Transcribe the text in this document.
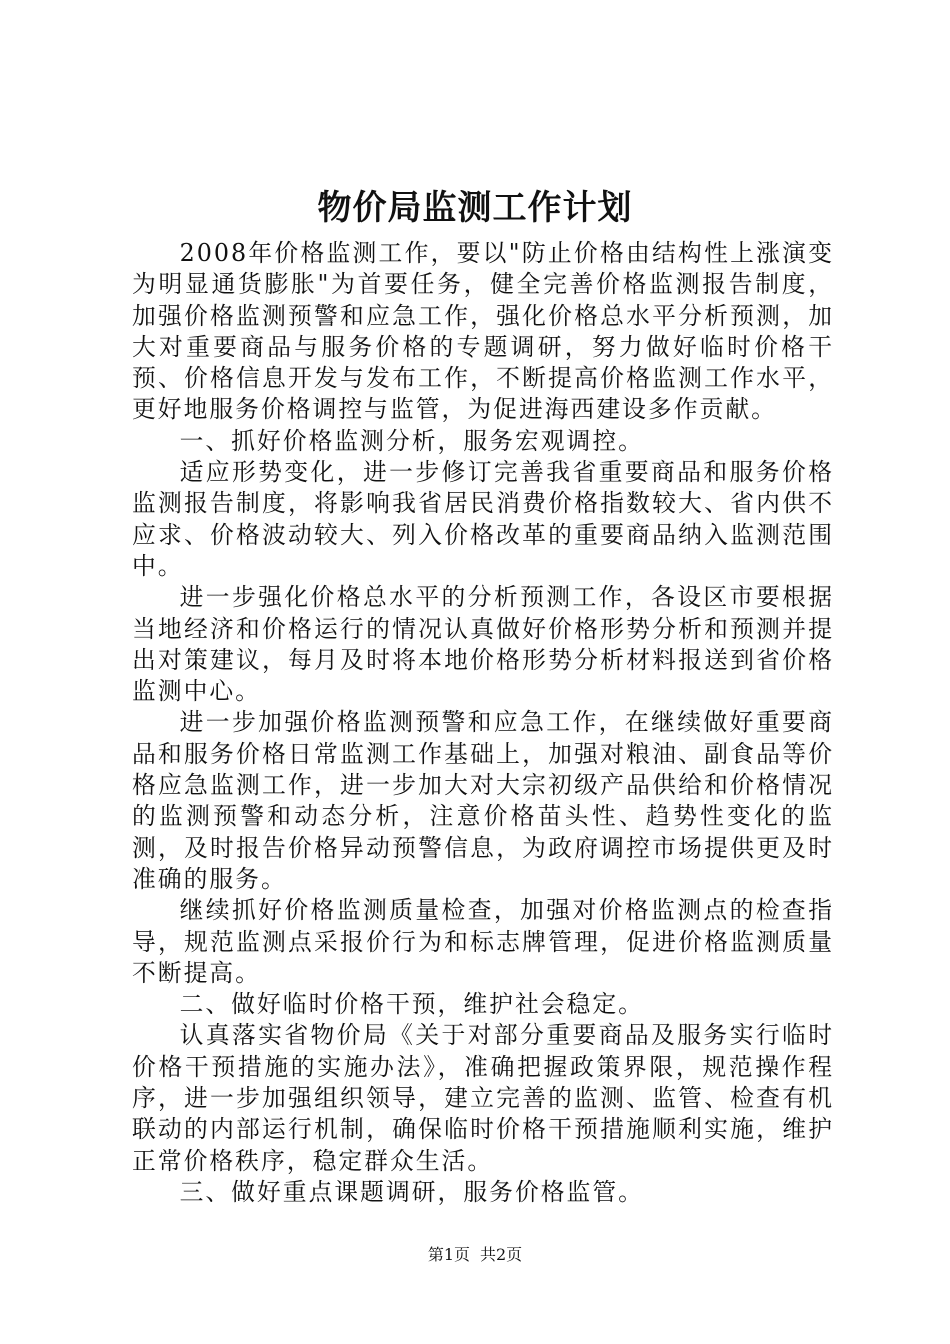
物价局监测工作计划

2008年价格监测工作，要以"防止价格由结构性上涨演变为明显通货膨胀"为首要任务，健全完善价格监测报告制度，加强价格监测预警和应急工作，强化价格总水平分析预测，加大对重要商品与服务价格的专题调研，努力做好临时价格干预、价格信息开发与发布工作，不断提高价格监测工作水平，更好地服务价格调控与监管，为促进海西建设多作贡献。

一、抓好价格监测分析，服务宏观调控。

适应形势变化，进一步修订完善我省重要商品和服务价格监测报告制度，将影响我省居民消费价格指数较大、省内供不应求、价格波动较大、列入价格改革的重要商品纳入监测范围中。

进一步强化价格总水平的分析预测工作，各设区市要根据当地经济和价格运行的情况认真做好价格形势分析和预测并提出对策建议，每月及时将本地价格形势分析材料报送到省价格监测中心。

进一步加强价格监测预警和应急工作，在继续做好重要商品和服务价格日常监测工作基础上，加强对粮油、副食品等价格应急监测工作，进一步加大对大宗初级产品供给和价格情况的监测预警和动态分析，注意价格苗头性、趋势性变化的监测，及时报告价格异动预警信息，为政府调控市场提供更及时准确的服务。

继续抓好价格监测质量检查，加强对价格监测点的检查指导，规范监测点采报价行为和标志牌管理，促进价格监测质量不断提高。

二、做好临时价格干预，维护社会稳定。

认真落实省物价局《关于对部分重要商品及服务实行临时价格干预措施的实施办法》，准确把握政策界限，规范操作程序，进一步加强组织领导，建立完善的监测、监管、检查有机联动的内部运行机制，确保临时价格干预措施顺利实施，维护正常价格秩序，稳定群众生活。

三、做好重点课题调研，服务价格监管。

第1页 共2页
